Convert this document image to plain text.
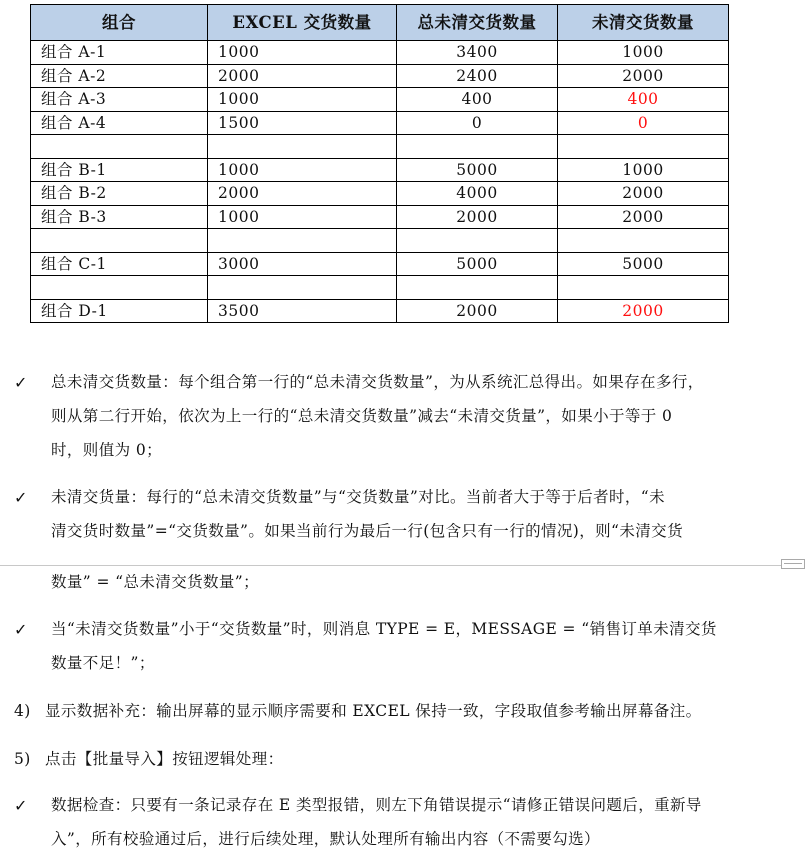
组合	EXCEL 交货数量	总未清交货数量	未清交货数量
组合 A-1	1000	3400	1000
组合 A-2	2000	2400	2000
组合 A-3	1000	400	400
组合 A-4	1500	0	0

组合 B-1	1000	5000	1000
组合 B-2	2000	4000	2000
组合 B-3	1000	2000	2000

组合 C-1	3000	5000	5000

组合 D-1	3500	2000	2000
✓ 总未清交货数量：每个组合第一行的“总未清交货数量”，为从系统汇总得出。如果存在多行，
则从第二行开始，依次为上一行的“总未清交货数量”减去“未清交货量”，如果小于等于 0
时，则值为 0；
✓ 未清交货量：每行的“总未清交货数量”与“交货数量”对比。当前者大于等于后者时，“未
清交货时数量”=“交货数量”。如果当前行为最后一行(包含只有一行的情况)，则“未清交货
数量” = “总未清交货数量”；
✓ 当“未清交货数量”小于“交货数量”时，则消息 TYPE = E，MESSAGE = “销售订单未清交货
数量不足！”；
4) 显示数据补充：输出屏幕的显示顺序需要和 EXCEL 保持一致，字段取值参考输出屏幕备注。
5) 点击【批量导入】按钮逻辑处理：
✓ 数据检查：只要有一条记录存在 E 类型报错，则左下角错误提示“请修正错误问题后，重新导
入”，所有校验通过后，进行后续处理，默认处理所有输出内容（不需要勾选）
